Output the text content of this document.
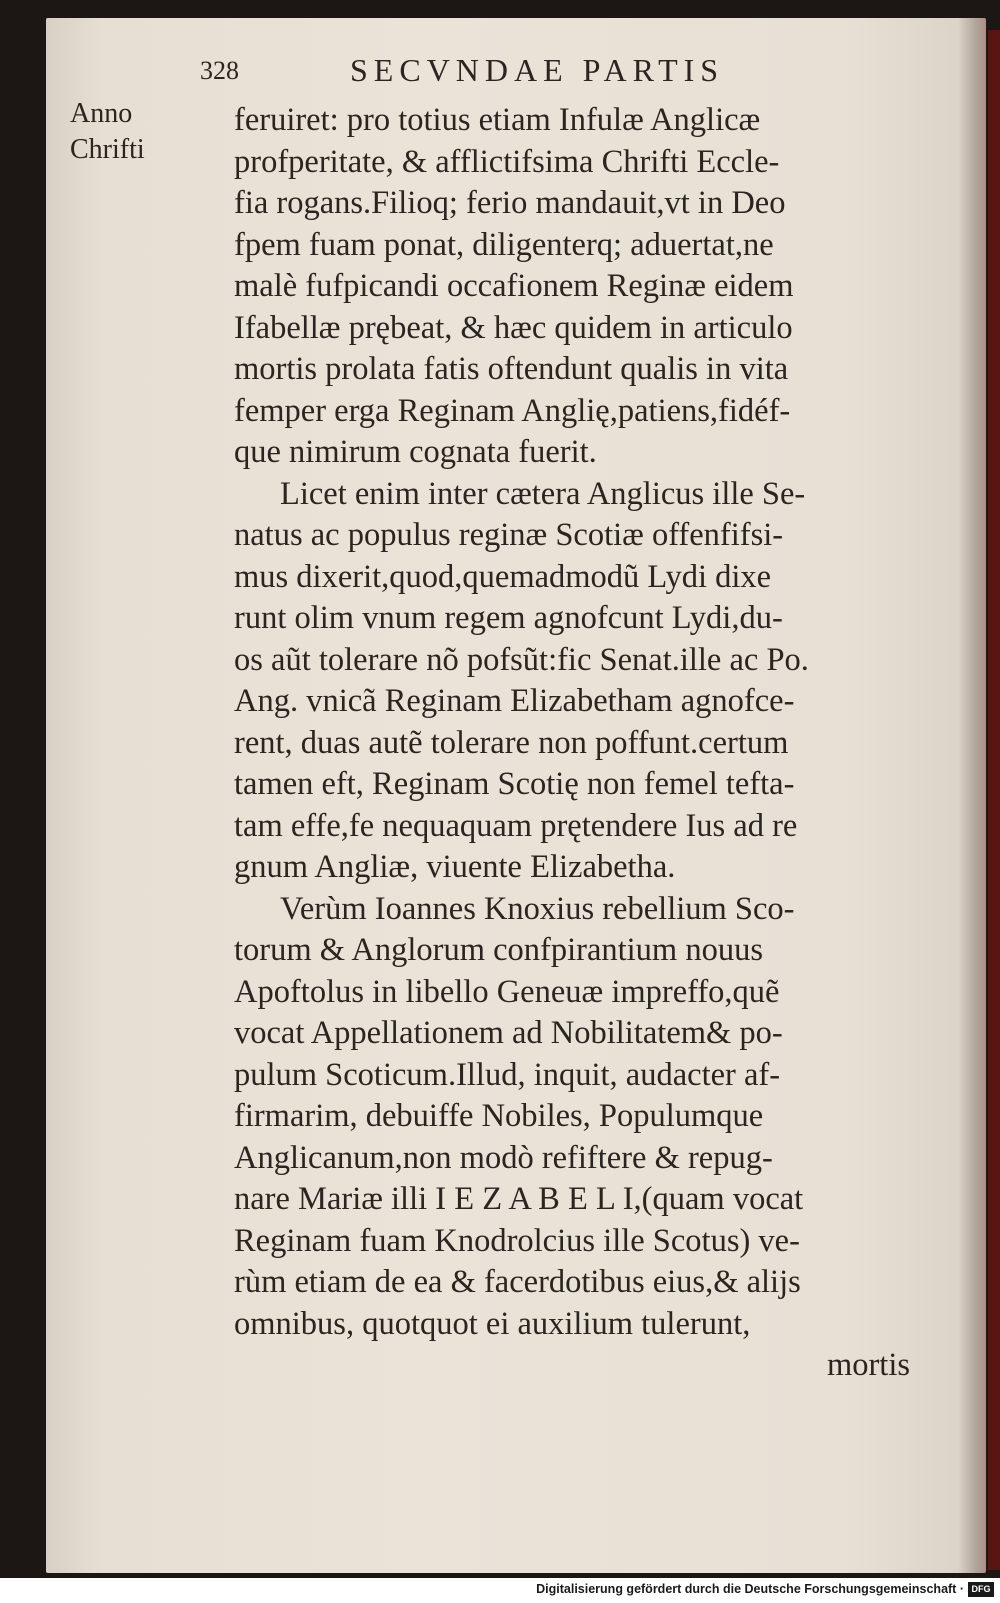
328	SECVNDAE PARTIS
Anno
Chrifti
feruiret: pro totius etiam Infulæ Anglicæ
profperitate, & afflictifsima Chrifti Eccle-
fia rogans.Filioq; ferio mandauit,vt in Deo
fpem fuam ponat, diligenterq; aduertat,ne
malè fufpicandi occafionem Reginæ eidem
Ifabellæ prębeat, & hæc quidem in articulo
mortis prolata fatis oftendunt qualis in vita
femper erga Reginam Anglię,patiens,fidéf-
que nimirum cognata fuerit.
Licet enim inter cætera Anglicus ille Se-
natus ac populus reginæ Scotiæ offenfifsi-
mus dixerit,quod,quemadmodũ Lydi dixe
runt olim vnum regem agnofcunt Lydi,du-
os aũt tolerare nõ pofsũt:fic Senat.ille ac Po.
Ang. vnicã Reginam Elizabetham agnofce-
rent, duas autẽ tolerare non poffunt.certum
tamen eft, Reginam Scotię non femel tefta-
tam effe,fe nequaquam prętendere Ius ad re
gnum Angliæ, viuente Elizabetha.
Verùm Ioannes Knoxius rebellium Sco-
torum & Anglorum confpirantium nouus
Apoftolus in libello Geneuæ impreffo,quẽ
vocat Appellationem ad Nobilitatem& po-
pulum Scoticum.Illud, inquit, audacter af-
firmarim, debuiffe Nobiles, Populumque
Anglicanum,non modò refiftere & repug-
nare Mariæ illi I E Z A B E L I,(quam vocat
Reginam fuam Knodrolcius ille Scotus) ve-
rùm etiam de ea & facerdotibus eius,& alijs
omnibus, quotquot ei auxilium tulerunt,
mortis
Digitalisierung gefördert durch die Deutsche Forschungsgemeinschaft · DFG
